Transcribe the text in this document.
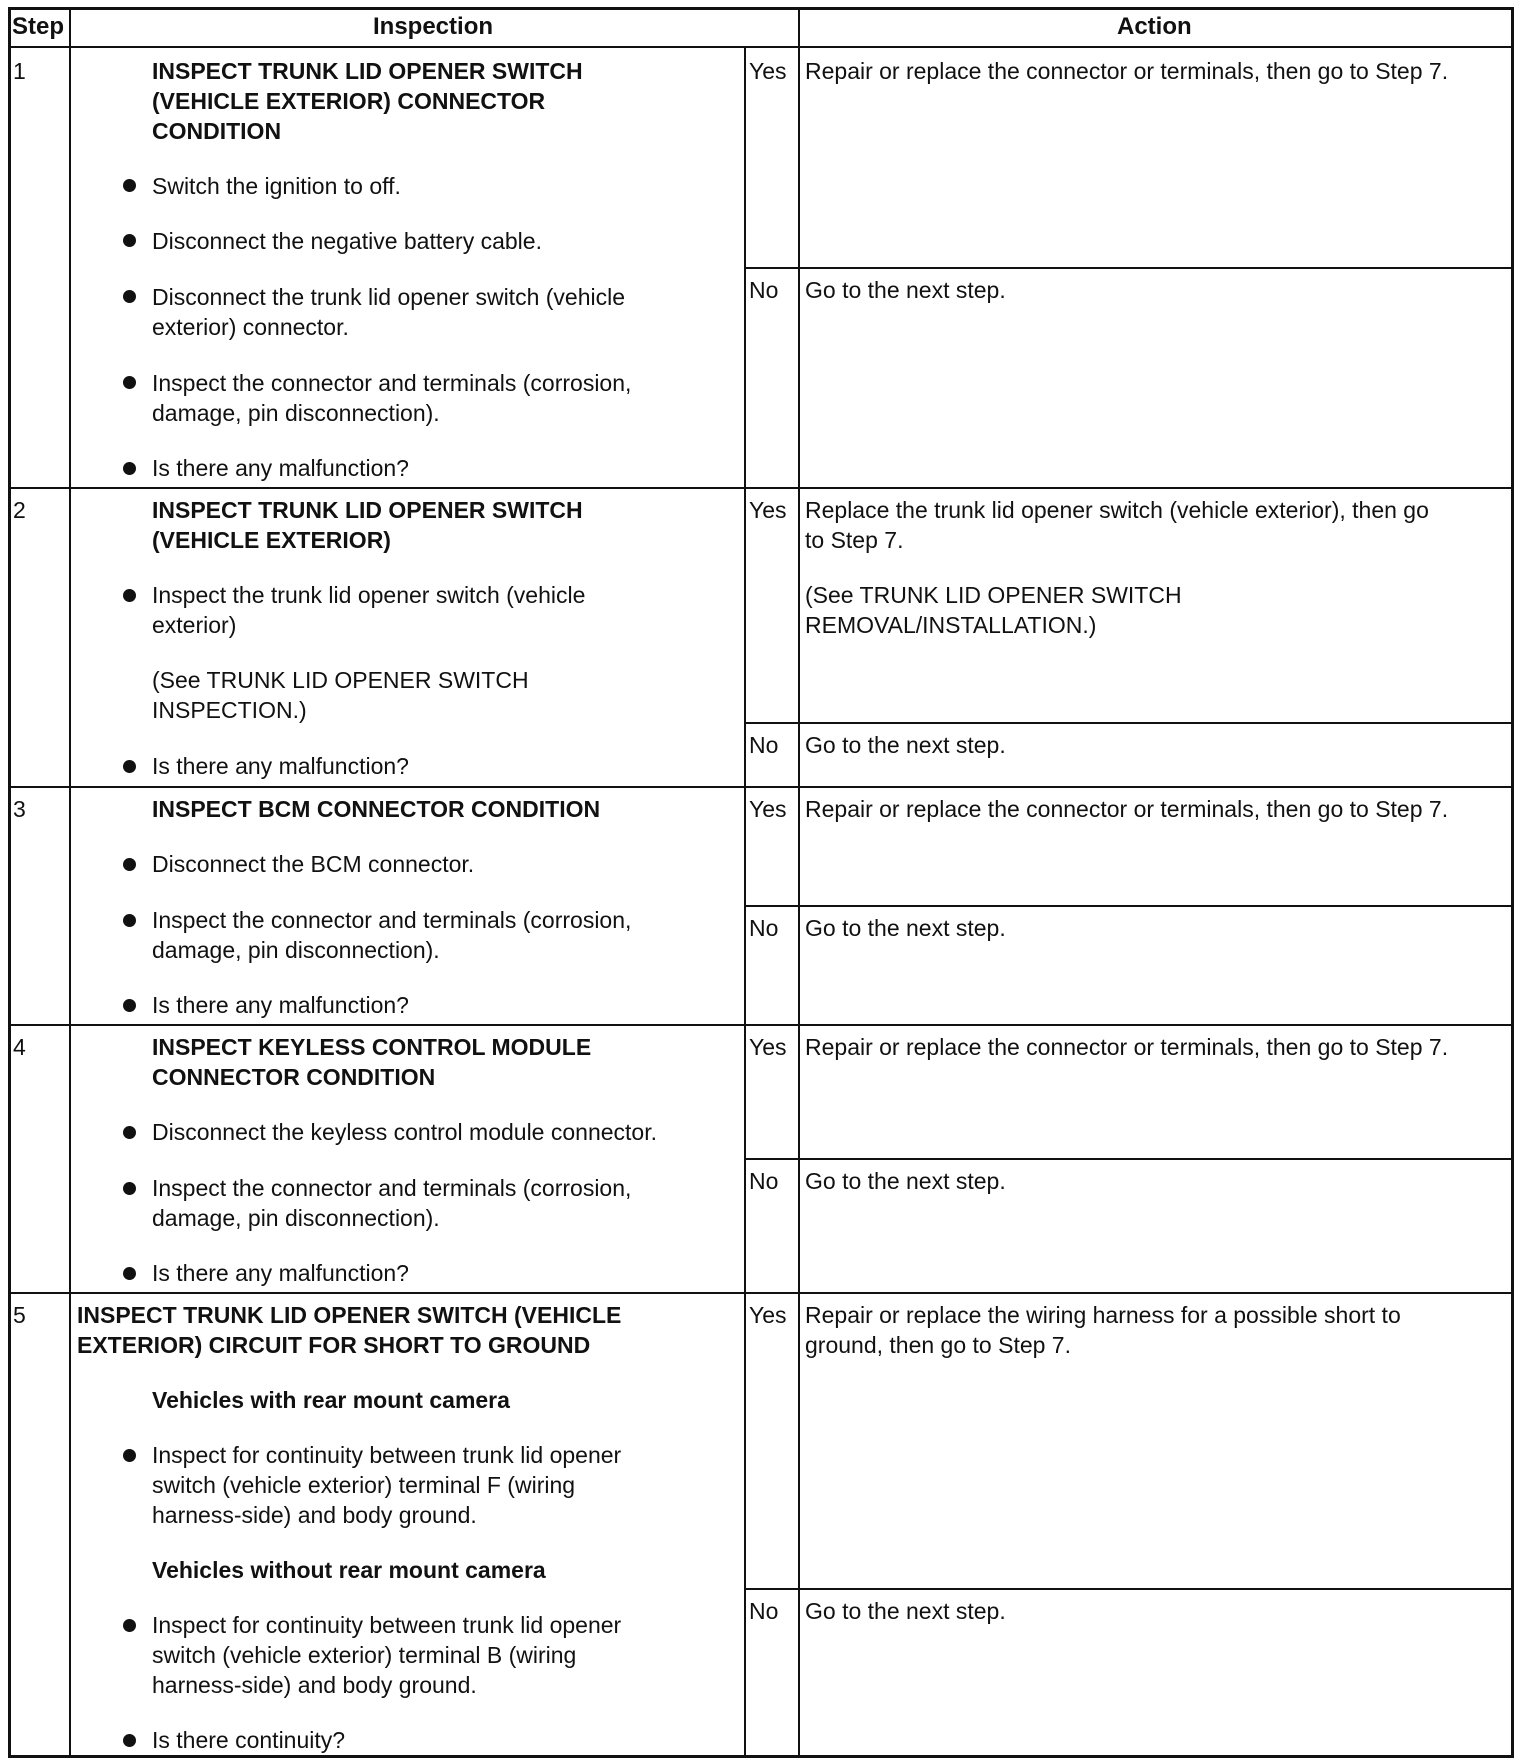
Step	Inspection	Action
1	INSPECT TRUNK LID OPENER SWITCH
(VEHICLE EXTERIOR) CONNECTOR
CONDITION
Switch the ignition to off.
Disconnect the negative battery cable.
Disconnect the trunk lid opener switch (vehicle
exterior) connector.
Inspect the connector and terminals (corrosion,
damage, pin disconnection).
Is there any malfunction?
Yes Repair or replace the connector or terminals, then go to Step 7.
No Go to the next step.
2	INSPECT TRUNK LID OPENER SWITCH
(VEHICLE EXTERIOR)
Inspect the trunk lid opener switch (vehicle
exterior)
(See TRUNK LID OPENER SWITCH
INSPECTION.)
Is there any malfunction?
Yes Replace the trunk lid opener switch (vehicle exterior), then go
to Step 7.
(See TRUNK LID OPENER SWITCH
REMOVAL/INSTALLATION.)
No Go to the next step.
3	INSPECT BCM CONNECTOR CONDITION
Disconnect the BCM connector.
Inspect the connector and terminals (corrosion,
damage, pin disconnection).
Is there any malfunction?
Yes Repair or replace the connector or terminals, then go to Step 7.
No Go to the next step.
4	INSPECT KEYLESS CONTROL MODULE
CONNECTOR CONDITION
Disconnect the keyless control module connector.
Inspect the connector and terminals (corrosion,
damage, pin disconnection).
Is there any malfunction?
Yes Repair or replace the connector or terminals, then go to Step 7.
No Go to the next step.
5 INSPECT TRUNK LID OPENER SWITCH (VEHICLE
EXTERIOR) CIRCUIT FOR SHORT TO GROUND
Vehicles with rear mount camera
Inspect for continuity between trunk lid opener
switch (vehicle exterior) terminal F (wiring
harness-side) and body ground.
Vehicles without rear mount camera
Inspect for continuity between trunk lid opener
switch (vehicle exterior) terminal B (wiring
harness-side) and body ground.
Is there continuity?
Yes Repair or replace the wiring harness for a possible short to
ground, then go to Step 7.
No Go to the next step.
